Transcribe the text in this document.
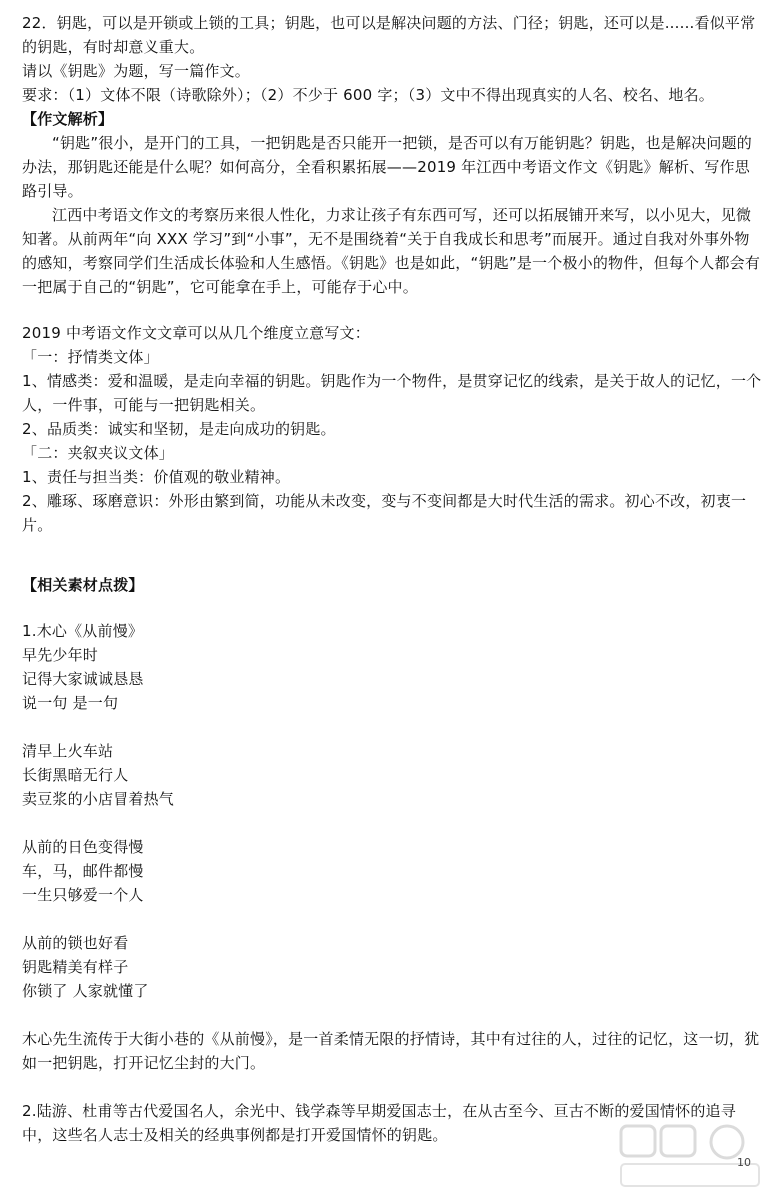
22．钥匙，可以是开锁或上锁的工具；钥匙，也可以是解决问题的方法、门径；钥匙，还可以是......看似平常的钥匙，有时却意义重大。

请以《钥匙》为题，写一篇作文。

要求：（1）文体不限（诗歌除外）；（2）不少于 600 字；（3）文中不得出现真实的人名、校名、地名。

【作文解析】

“钥匙”很小，是开门的工具，一把钥匙是否只能开一把锁，是否可以有万能钥匙？钥匙，也是解决问题的办法，那钥匙还能是什么呢？如何高分，全看积累拓展——2019 年江西中考语文作文《钥匙》解析、写作思路引导。

江西中考语文作文的考察历来很人性化，力求让孩子有东西可写，还可以拓展铺开来写，以小见大，见微知著。从前两年“向 XXX 学习”到“小事”，无不是围绕着“关于自我成长和思考”而展开。通过自我对外事外物的感知，考察同学们生活成长体验和人生感悟。《钥匙》也是如此，“钥匙”是一个极小的物件，但每个人都会有一把属于自己的“钥匙”，它可能拿在手上，可能存于心中。

2019 中考语文作文文章可以从几个维度立意写文：

「一：抒情类文体」

1、情感类：爱和温暖，是走向幸福的钥匙。钥匙作为一个物件，是贯穿记忆的线索，是关于故人的记忆，一个人，一件事，可能与一把钥匙相关。

2、品质类：诚实和坚韧，是走向成功的钥匙。

「二：夹叙夹议文体」

1、责任与担当类：价值观的敬业精神。

2、雕琢、琢磨意识：外形由繁到简，功能从未改变，变与不变间都是大时代生活的需求。初心不改，初衷一片。

【相关素材点拨】

1.木心《从前慢》

早先少年时

记得大家诚诚恳恳

说一句 是一句

清早上火车站

长街黑暗无行人

卖豆浆的小店冒着热气

从前的日色变得慢

车，马，邮件都慢

一生只够爱一个人

从前的锁也好看

钥匙精美有样子

你锁了 人家就懂了

木心先生流传于大街小巷的《从前慢》，是一首柔情无限的抒情诗，其中有过往的人，过往的记忆，这一切，犹如一把钥匙，打开记忆尘封的大门。

2.陆游、杜甫等古代爱国名人，余光中、钱学森等早期爱国志士，在从古至今、亘古不断的爱国情怀的追寻中，这些名人志士及相关的经典事例都是打开爱国情怀的钥匙。

10
